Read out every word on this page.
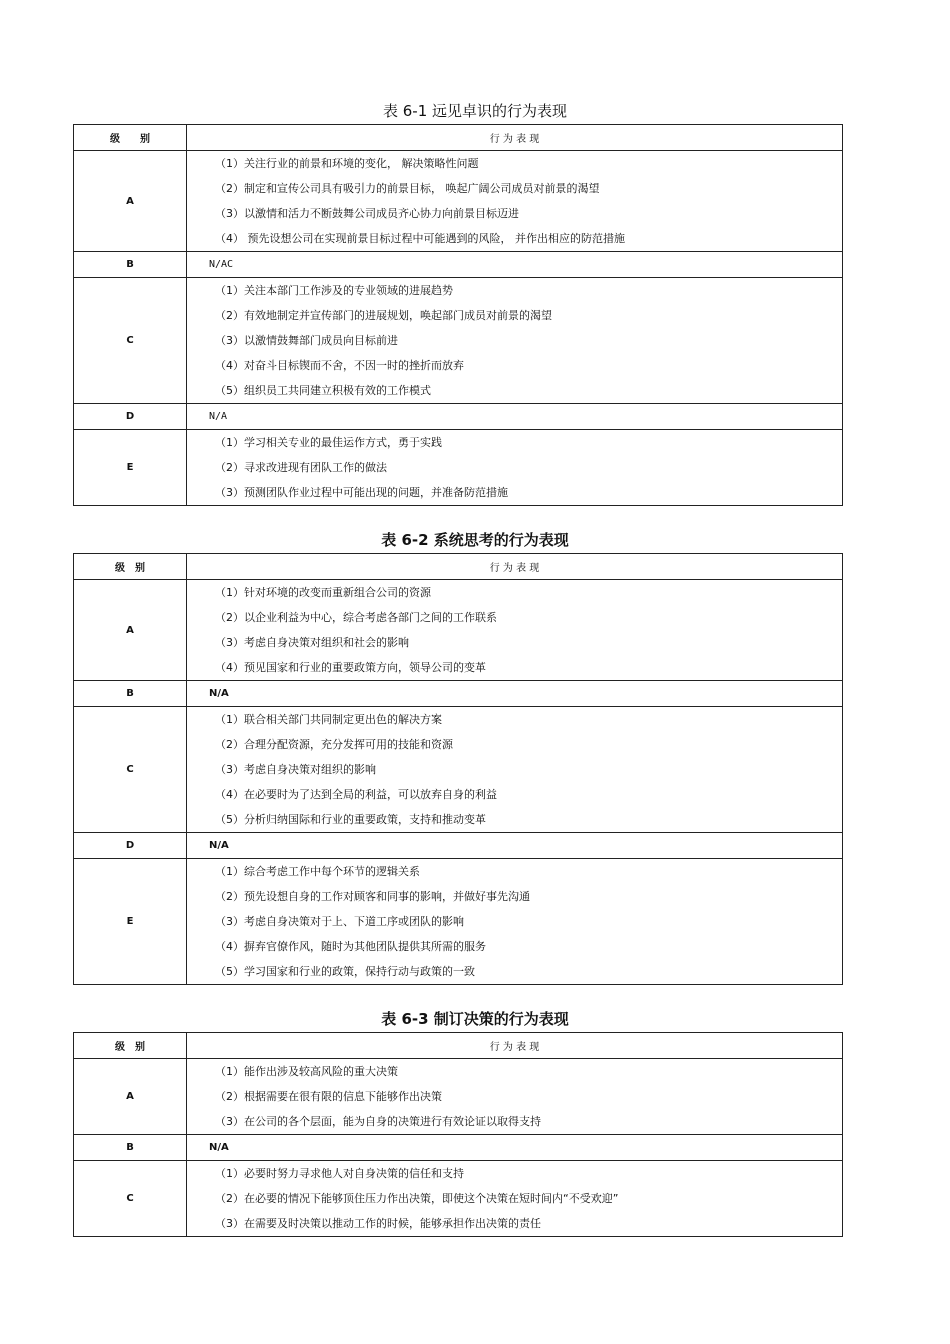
表 6-1 远见卓识的行为表现
级　　别	行 为 表 现
A	（1）关注行业的前景和环境的变化， 解决策略性问题
（2）制定和宣传公司具有吸引力的前景目标， 唤起广阔公司成员对前景的渴望
（3）以激情和活力不断鼓舞公司成员齐心协力向前景目标迈进
（4） 预先设想公司在实现前景目标过程中可能遇到的风险， 并作出相应的防范措施

B	N/AC
C	（1）关注本部门工作涉及的专业领域的进展趋势
（2）有效地制定并宣传部门的进展规划，唤起部门成员对前景的渴望
（3）以激情鼓舞部门成员向目标前进
（4）对奋斗目标锲而不舍，不因一时的挫折而放弃
（5）组织员工共同建立积极有效的工作模式

D	N/A
E	（1）学习相关专业的最佳运作方式，勇于实践
（2）寻求改进现有团队工作的做法
（3）预测团队作业过程中可能出现的问题，并准备防范措施
表 6-2 系统思考的行为表现
级　别	行 为 表 现
A	（1）针对环境的改变而重新组合公司的资源
（2）以企业利益为中心，综合考虑各部门之间的工作联系
（3）考虑自身决策对组织和社会的影响
（4）预见国家和行业的重要政策方向，领导公司的变革

B	N/A
C	（1）联合相关部门共同制定更出色的解决方案
（2）合理分配资源，充分发挥可用的技能和资源
（3）考虑自身决策对组织的影响
（4）在必要时为了达到全局的利益，可以放弃自身的利益
（5）分析归纳国际和行业的重要政策，支持和推动变革

D	N/A
E	（1）综合考虑工作中每个环节的逻辑关系
（2）预先设想自身的工作对顾客和同事的影响，并做好事先沟通
（3）考虑自身决策对于上、下道工序或团队的影响
（4）摒弃官僚作风，随时为其他团队提供其所需的服务
（5）学习国家和行业的政策，保持行动与政策的一致
表 6-3 制订决策的行为表现
级　别	行 为 表 现
A	（1）能作出涉及较高风险的重大决策
（2）根据需要在很有限的信息下能够作出决策
（3）在公司的各个层面，能为自身的决策进行有效论证以取得支持

B	N/A
C	（1）必要时努力寻求他人对自身决策的信任和支持
（2）在必要的情况下能够顶住压力作出决策，即使这个决策在短时间内“不受欢迎”
（3）在需要及时决策以推动工作的时候，能够承担作出决策的责任
